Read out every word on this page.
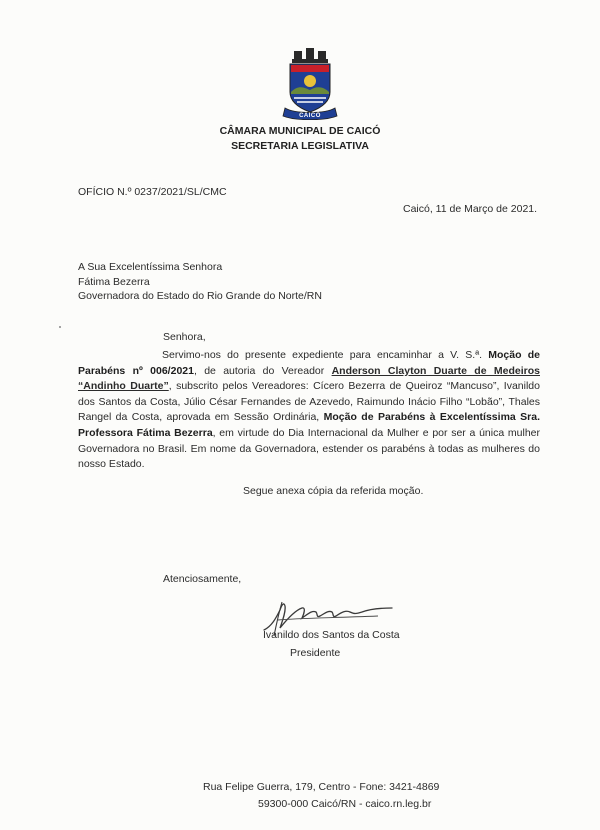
CAICÓ
CÂMARA MUNICIPAL DE CAICÓ
SECRETARIA LEGISLATIVA
OFÍCIO N.º 0237/2021/SL/CMC
Caicó, 11 de Março de 2021.
A Sua Excelentíssima Senhora
Fátima Bezerra
Governadora do Estado do Rio Grande do Norte/RN
Senhora,
Servimo-nos do presente expediente para encaminhar a V. S.ª. Moção de Parabéns nº 006/2021, de autoria do Vereador Anderson Clayton Duarte de Medeiros “Andinho Duarte”, subscrito pelos Vereadores: Cícero Bezerra de Queiroz “Mancuso”, Ivanildo dos Santos da Costa, Júlio César Fernandes de Azevedo, Raimundo Inácio Filho “Lobão”, Thales Rangel da Costa, aprovada em Sessão Ordinária, Moção de Parabéns à Excelentíssima Sra. Professora Fátima Bezerra, em virtude do Dia Internacional da Mulher e por ser a única mulher Governadora no Brasil. Em nome da Governadora, estender os parabéns à todas as mulheres do nosso Estado.
Segue anexa cópia da referida moção.
Atenciosamente,
Ivanildo dos Santos da Costa
Presidente
Rua Felipe Guerra, 179, Centro - Fone: 3421-4869
59300-000 Caicó/RN - caico.rn.leg.br
